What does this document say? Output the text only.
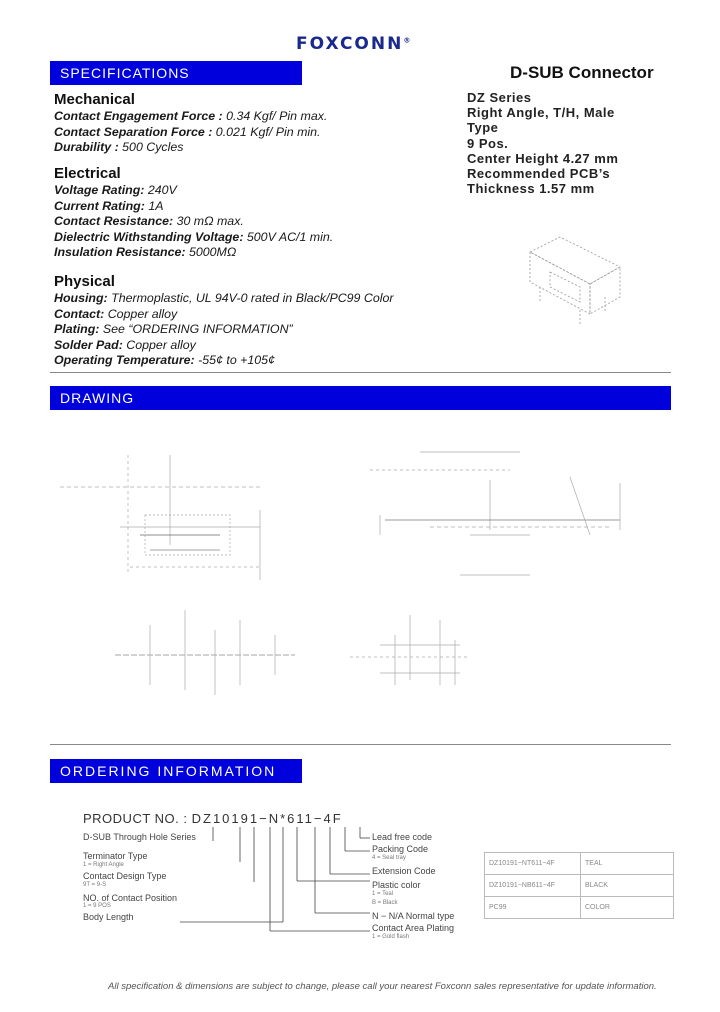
FOXCONN®
SPECIFICATIONS	D-SUB Connector
DZ Series
Right Angle, T/H, Male
Type
9 Pos.
Center Height 4.27 mm
Recommended PCB’s
Thickness 1.57 mm
Mechanical
Contact Engagement Force : 0.34 Kgf/ Pin max.
Contact Separation Force : 0.021 Kgf/ Pin min.
Durability : 500 Cycles
Electrical
Voltage Rating: 240V
Current Rating: 1A
Contact Resistance: 30 mΩ max.
Dielectric Withstanding Voltage: 500V AC/1 min.
Insulation Resistance: 5000MΩ
Physical
Housing: Thermoplastic, UL 94V-0 rated in Black/PC99 Color
Contact: Copper alloy
Plating: See “ORDERING INFORMATION”
Solder Pad: Copper alloy
Operating Temperature: -55¢ to +105¢
DRAWING
ORDERING INFORMATION
PRODUCT NO. : DZ10191−N*611−4F
D-SUB Through Hole Series
Terminator Type
1 = Right Angle
Contact Design Type
9T = 9-S
NO. of Contact Position
1 = 9 POS
Body Length
Lead free code
Packing Code
4 = Seal tray
Extension Code
Plastic color
1 = Teal
B = Black
N − N/A Normal type
Contact Area Plating
1 = Gold flash
DZ10191−NT611−4F	TEAL
DZ10191−NB611−4F	BLACK
PC99	COLOR
All specification & dimensions are subject to change, please call your nearest Foxconn sales representative for update information.
